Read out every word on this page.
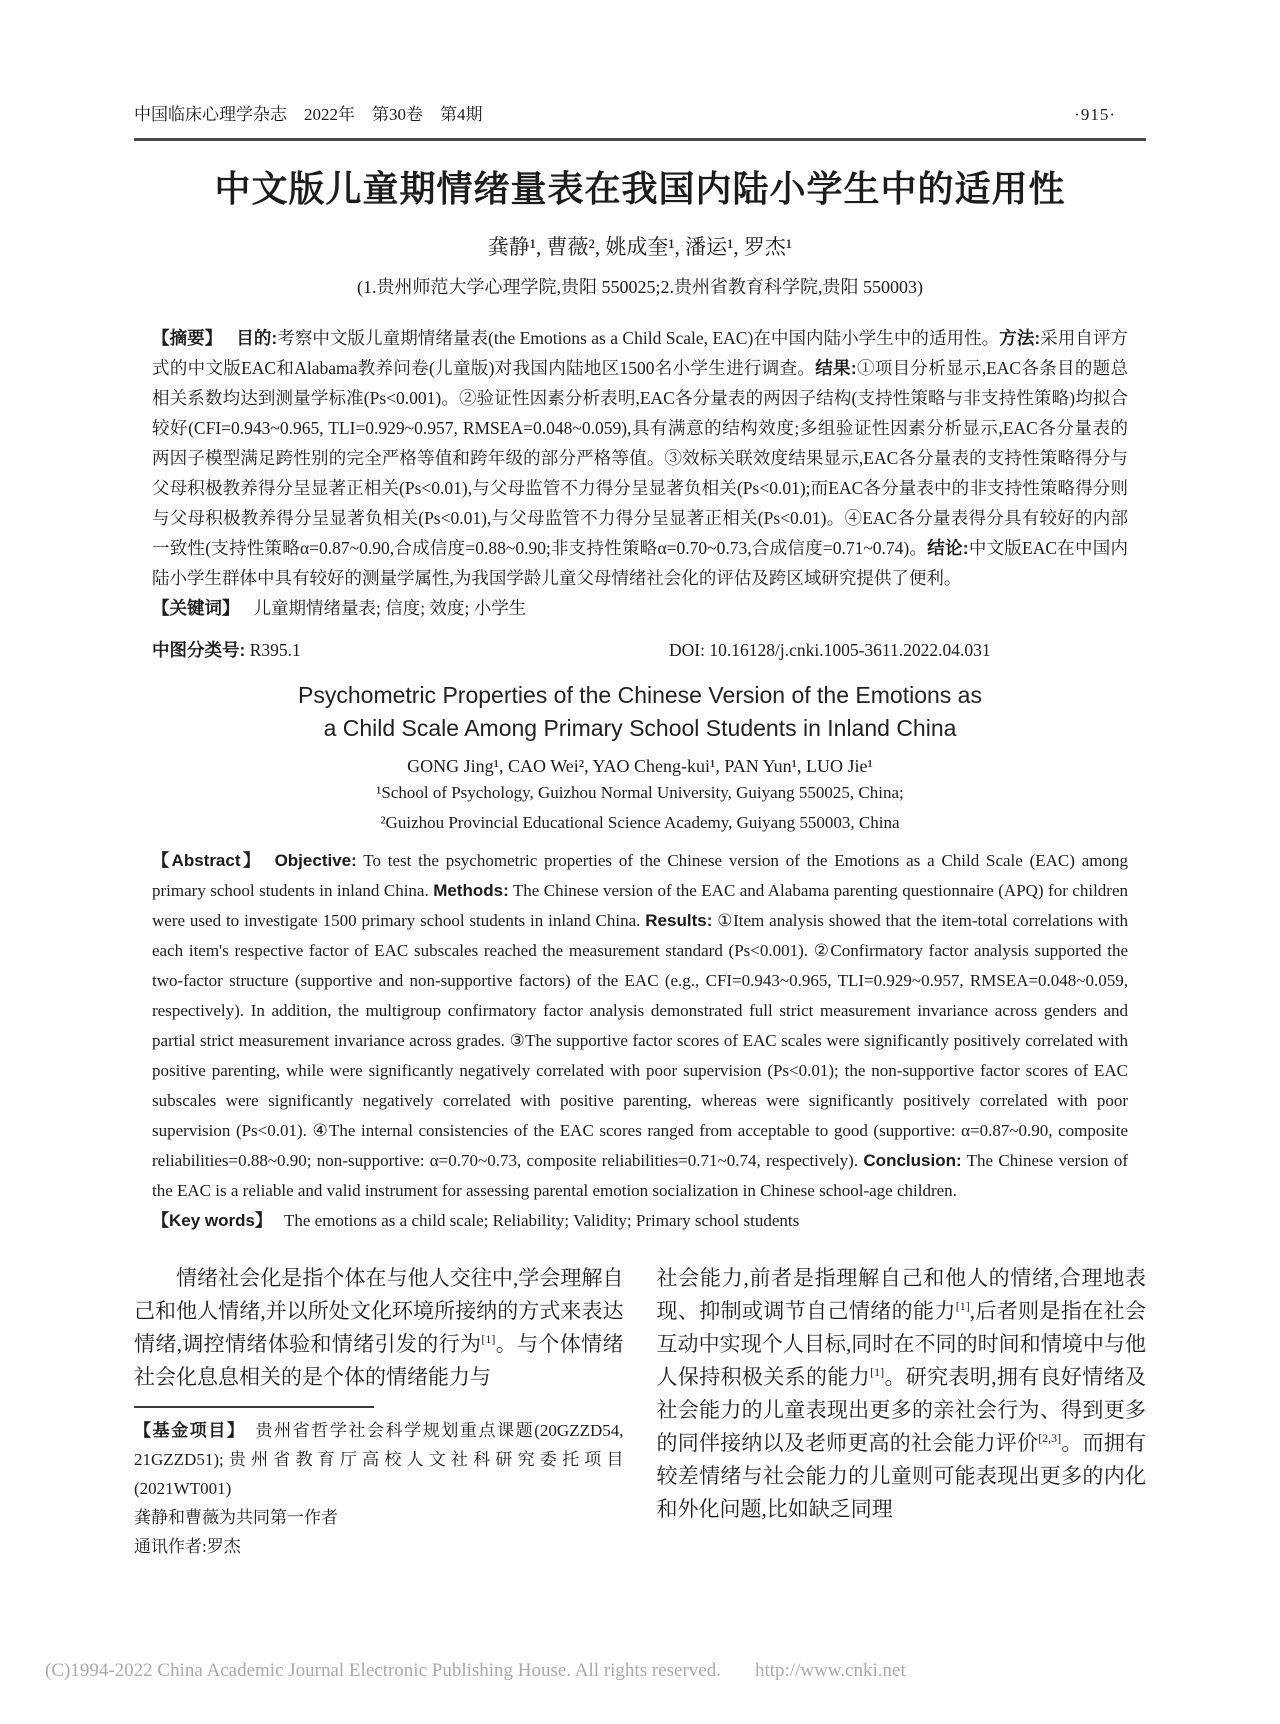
中国临床心理学杂志　2022年　第30卷　第4期	·915·
中文版儿童期情绪量表在我国内陆小学生中的适用性
龚静¹, 曹薇², 姚成奎¹, 潘运¹, 罗杰¹
(1.贵州师范大学心理学院,贵阳 550025;2.贵州省教育科学院,贵阳 550003)

【摘要】 目的:考察中文版儿童期情绪量表(the Emotions as a Child Scale, EAC)在中国内陆小学生中的适用性。方法:采用自评方式的中文版EAC和Alabama教养问卷(儿童版)对我国内陆地区1500名小学生进行调查。结果:①项目分析显示,EAC各条目的题总相关系数均达到测量学标准(Ps<0.001)。②验证性因素分析表明,EAC各分量表的两因子结构(支持性策略与非支持性策略)均拟合较好(CFI=0.943~0.965, TLI=0.929~0.957, RMSEA=0.048~0.059),具有满意的结构效度;多组验证性因素分析显示,EAC各分量表的两因子模型满足跨性别的完全严格等值和跨年级的部分严格等值。③效标关联效度结果显示,EAC各分量表的支持性策略得分与父母积极教养得分呈显著正相关(Ps<0.01),与父母监管不力得分呈显著负相关(Ps<0.01);而EAC各分量表中的非支持性策略得分则与父母积极教养得分呈显著负相关(Ps<0.01),与父母监管不力得分呈显著正相关(Ps<0.01)。④EAC各分量表得分具有较好的内部一致性(支持性策略α=0.87~0.90,合成信度=0.88~0.90;非支持性策略α=0.70~0.73,合成信度=0.71~0.74)。结论:中文版EAC在中国内陆小学生群体中具有较好的测量学属性,为我国学龄儿童父母情绪社会化的评估及跨区域研究提供了便利。

【关键词】 儿童期情绪量表; 信度; 效度; 小学生

中图分类号: R395.1	DOI: 10.16128/j.cnki.1005-3611.2022.04.031
Psychometric Properties of the Chinese Version of the Emotions as
a Child Scale Among Primary School Students in Inland China
GONG Jing¹, CAO Wei², YAO Cheng-kui¹, PAN Yun¹, LUO Jie¹
¹School of Psychology, Guizhou Normal University, Guiyang 550025, China;
²Guizhou Provincial Educational Science Academy, Guiyang 550003, China

【Abstract】 Objective: To test the psychometric properties of the Chinese version of the Emotions as a Child Scale (EAC) among primary school students in inland China. Methods: The Chinese version of the EAC and Alabama parenting questionnaire (APQ) for children were used to investigate 1500 primary school students in inland China. Results: ①Item analysis showed that the item-total correlations with each item's respective factor of EAC subscales reached the measurement standard (Ps<0.001). ②Confirmatory factor analysis supported the two-factor structure (supportive and non-supportive factors) of the EAC (e.g., CFI=0.943~0.965, TLI=0.929~0.957, RMSEA=0.048~0.059, respectively). In addition, the multigroup confirmatory factor analysis demonstrated full strict measurement invariance across genders and partial strict measurement invariance across grades. ③The supportive factor scores of EAC scales were significantly positively correlated with positive parenting, while were significantly negatively correlated with poor supervision (Ps<0.01); the non-supportive factor scores of EAC subscales were significantly negatively correlated with positive parenting, whereas were significantly positively correlated with poor supervision (Ps<0.01). ④The internal consistencies of the EAC scores ranged from acceptable to good (supportive: α=0.87~0.90, composite reliabilities=0.88~0.90; non-supportive: α=0.70~0.73, composite reliabilities=0.71~0.74, respectively). Conclusion: The Chinese version of the EAC is a reliable and valid instrument for assessing parental emotion socialization in Chinese school-age children.

【Key words】 The emotions as a child scale; Reliability; Validity; Primary school students

情绪社会化是指个体在与他人交往中,学会理解自己和他人情绪,并以所处文化环境所接纳的方式来表达情绪,调控情绪体验和情绪引发的行为[1]。与个体情绪社会化息息相关的是个体的情绪能力与

【基金项目】 贵州省哲学社会科学规划重点课题(20GZZD54, 21GZZD51);贵州省教育厅高校人文社科研究委托项目(2021WT001)

龚静和曹薇为共同第一作者

通讯作者:罗杰

社会能力,前者是指理解自己和他人的情绪,合理地表现、抑制或调节自己情绪的能力[1],后者则是指在社会互动中实现个人目标,同时在不同的时间和情境中与他人保持积极关系的能力[1]。研究表明,拥有良好情绪及社会能力的儿童表现出更多的亲社会行为、得到更多的同伴接纳以及老师更高的社会能力评价[2,3]。而拥有较差情绪与社会能力的儿童则可能表现出更多的内化和外化问题,比如缺乏同理

(C)1994-2022 China Academic Journal Electronic Publishing House. All rights reserved. http://www.cnki.net
